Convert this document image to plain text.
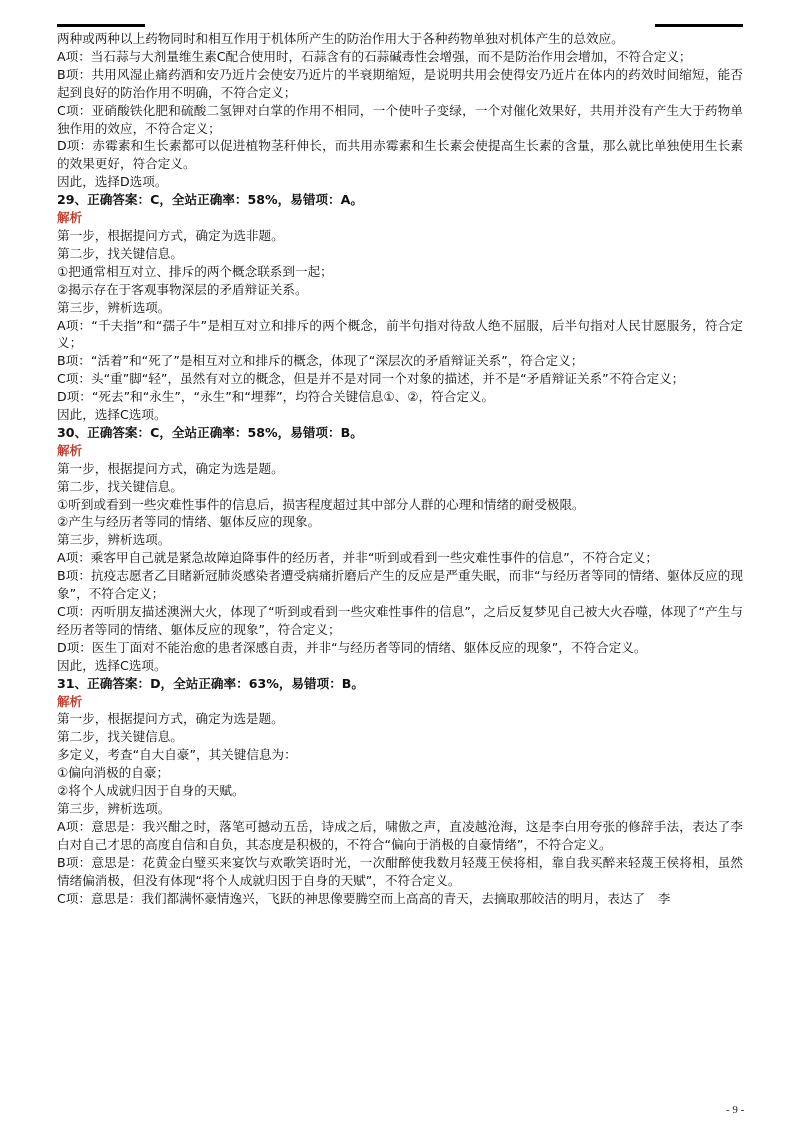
两种或两种以上药物同时和相互作用于机体所产生的防治作用大于各种药物单独对机体产生的总效应。

A项：当石蒜与大剂量维生素C配合使用时，石蒜含有的石蒜碱毒性会增强，而不是防治作用会增加，不符合定义；

B项：共用风湿止痛药酒和安乃近片会使安乃近片的半衰期缩短，是说明共用会使得安乃近片在体内的药效时间缩短，能否起到良好的防治作用不明确，不符合定义；

C项：亚硝酸铁化肥和硫酸二氢钾对白掌的作用不相同，一个使叶子变绿，一个对催化效果好，共用并没有产生大于药物单独作用的效应，不符合定义；

D项：赤霉素和生长素都可以促进植物茎秆伸长，而共用赤霉素和生长素会使提高生长素的含量，那么就比单独使用生长素的效果更好，符合定义。

因此，选择D选项。

29、正确答案：C，全站正确率：58%，易错项：A。

解析

第一步，根据提问方式，确定为选非题。

第二步，找关键信息。

①把通常相互对立、排斥的两个概念联系到一起；

②揭示存在于客观事物深层的矛盾辩证关系。

第三步，辨析选项。

A项：“千夫指”和“孺子牛”是相互对立和排斥的两个概念，前半句指对待敌人绝不屈服，后半句指对人民甘愿服务，符合定义；

B项：“活着”和“死了”是相互对立和排斥的概念，体现了“深层次的矛盾辩证关系”，符合定义；

C项：头“重”脚“轻”，虽然有对立的概念，但是并不是对同一个对象的描述，并不是“矛盾辩证关系”不符合定义；

D项：“死去”和“永生”，“永生”和“埋葬”，均符合关键信息①、②，符合定义。

因此，选择C选项。

30、正确答案：C，全站正确率：58%，易错项：B。

解析

第一步，根据提问方式，确定为选是题。

第二步，找关键信息。

①听到或看到一些灾难性事件的信息后，损害程度超过其中部分人群的心理和情绪的耐受极限。

②产生与经历者等同的情绪、躯体反应的现象。

第三步，辨析选项。

A项：乘客甲自己就是紧急故障迫降事件的经历者，并非“听到或看到一些灾难性事件的信息”，不符合定义；

B项：抗疫志愿者乙目睹新冠肺炎感染者遭受病痛折磨后产生的反应是严重失眠，而非“与经历者等同的情绪、躯体反应的现象”，不符合定义；

C项：丙听朋友描述澳洲大火，体现了“听到或看到一些灾难性事件的信息”，之后反复梦见自己被大火吞噬，体现了“产生与经历者等同的情绪、躯体反应的现象”，符合定义；

D项：医生丁面对不能治愈的患者深感自责，并非“与经历者等同的情绪、躯体反应的现象”，不符合定义。

因此，选择C选项。

31、正确答案：D，全站正确率：63%，易错项：B。

解析

第一步，根据提问方式，确定为选是题。

第二步，找关键信息。

多定义，考查“自大自豪”，其关键信息为：

①偏向消极的自豪；

②将个人成就归因于自身的天赋。

第三步，辨析选项。

A项：意思是：我兴酣之时，落笔可撼动五岳，诗成之后，啸傲之声，直凌越沧海，这是李白用夸张的修辞手法，表达了李白对自己才思的高度自信和自负，其态度是积极的，不符合“偏向于消极的自豪情绪”，不符合定义。

B项：意思是：花黄金白璧买来宴饮与欢歌笑语时光，一次酣醉使我数月轻蔑王侯将相，靠自我买醉来轻蔑王侯将相，虽然情绪偏消极，但没有体现“将个人成就归因于自身的天赋”，不符合定义。

C项：意思是：我们都满怀豪情逸兴，飞跃的神思像要腾空而上高高的青天，去摘取那皎洁的明月，表达了　李

- 9 -
